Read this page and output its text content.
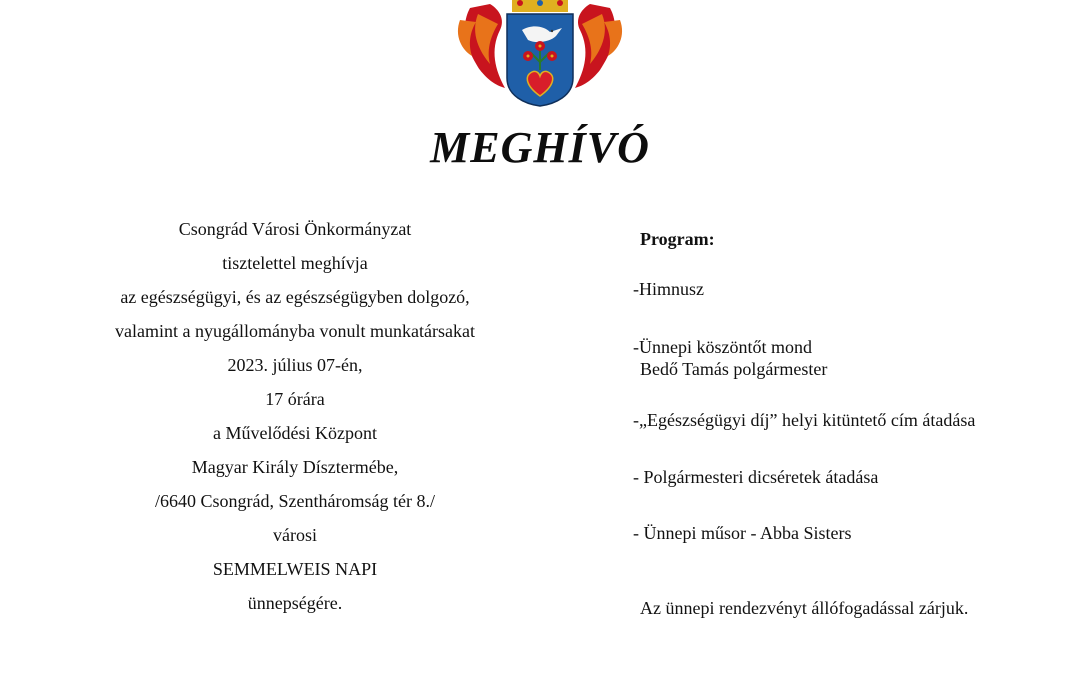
MEGHÍVÓ
Csongrád Városi Önkormányzat
tisztelettel meghívja
az egészségügyi, és az egészségügyben dolgozó,
valamint a nyugállományba vonult munkatársakat
2023. július 07-én,
17 órára
a Művelődési Központ
Magyar Király Dísztermébe,
/6640 Csongrád, Szentháromság tér 8./
városi
SEMMELWEIS NAPI
ünnepségére.
Program:
-Himnusz
-Ünnepi köszöntőt mond
Bedő Tamás polgármester
-„Egészségügyi díj” helyi kitüntető cím átadása
- Polgármesteri dicséretek átadása
- Ünnepi műsor - Abba Sisters
Az ünnepi rendezvényt állófogadással zárjuk.
